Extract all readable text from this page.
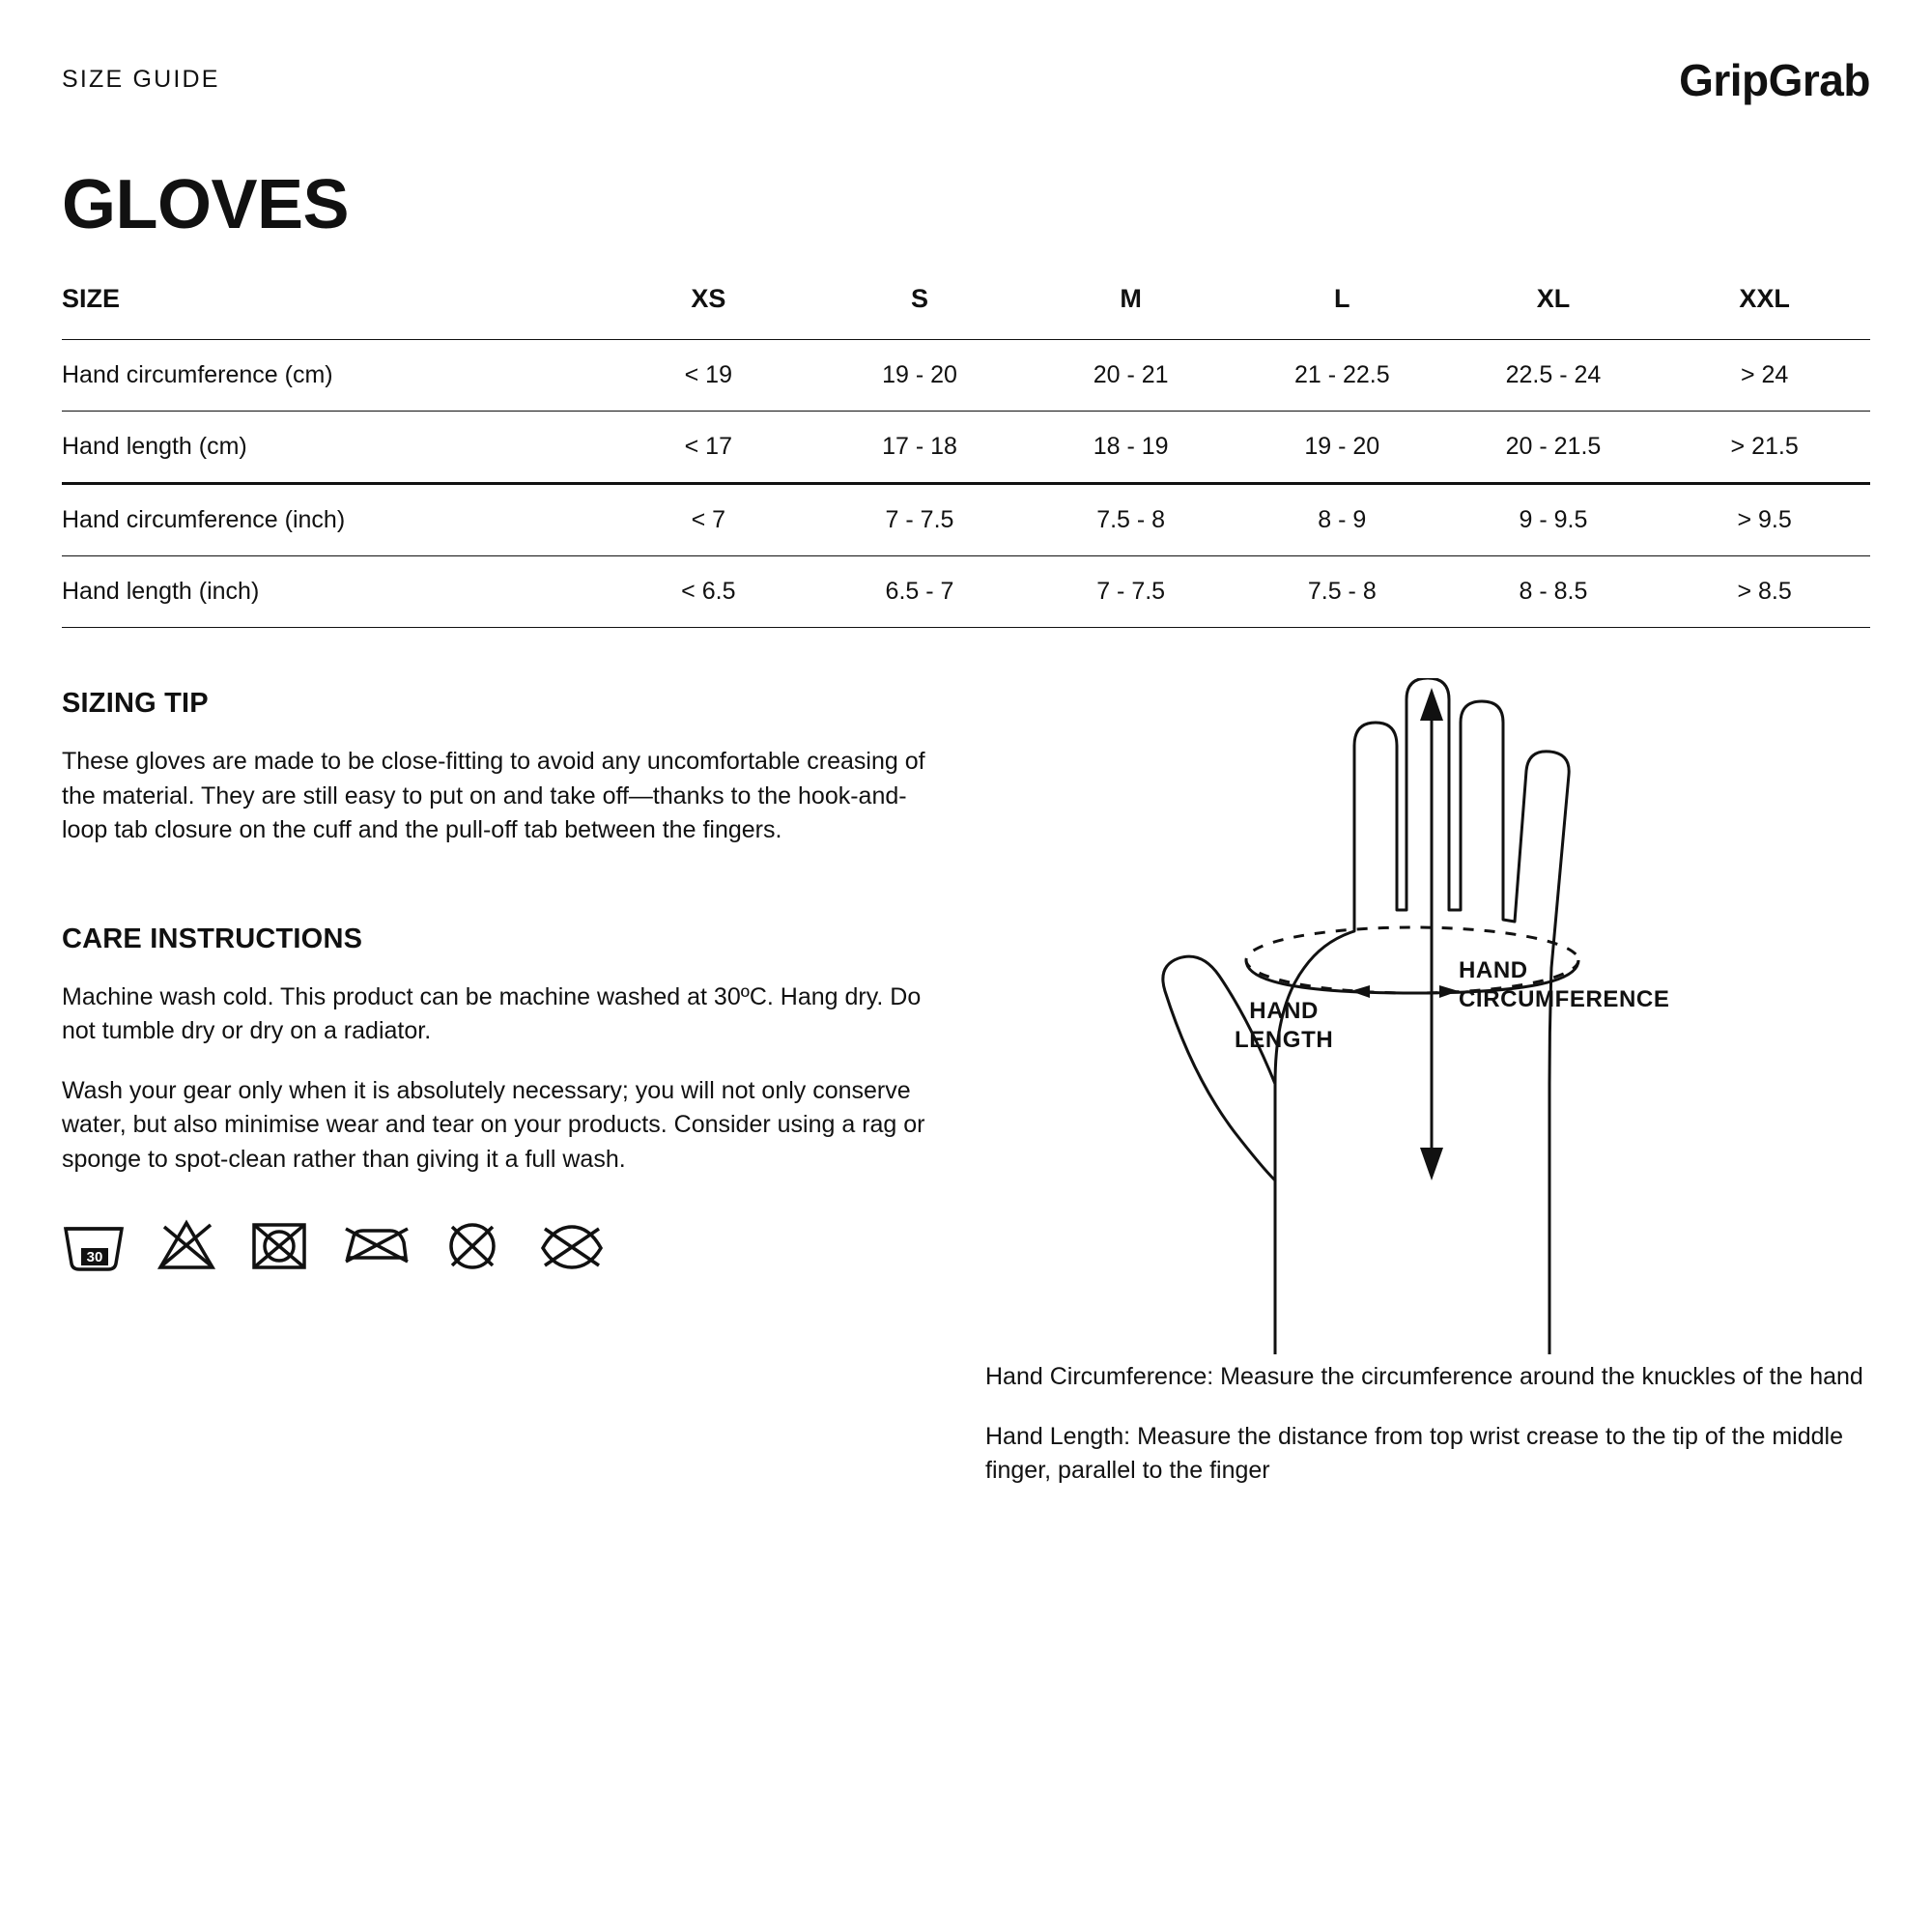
SIZE GUIDE	GripGrab
GLOVES
SIZE	XS	S	M	L	XL	XXL
Hand circumference (cm)	< 19	19 - 20	20 - 21	21 - 22.5	22.5 - 24	> 24
Hand length (cm)	< 17	17 - 18	18 - 19	19 - 20	20 - 21.5	> 21.5
Hand circumference (inch)	< 7	7 - 7.5	7.5 - 8	8 - 9	9 - 9.5	> 9.5
Hand length (inch)	< 6.5	6.5 - 7	7 - 7.5	7.5 - 8	8 - 8.5	> 8.5
SIZING TIP

These gloves are made to be close-fitting to avoid any uncomfortable creasing of the material. They are still easy to put on and take off—thanks to the hook-and-loop tab closure on the cuff and the pull-off tab between the fingers.

CARE INSTRUCTIONS

Machine wash cold. This product can be machine washed at 30ºC. Hang dry. Do not tumble dry or dry on a radiator.

Wash your gear only when it is absolutely necessary; you will not only conserve water, but also minimise wear and tear on your products. Consider using a rag or sponge to spot-clean rather than giving it a full wash.

30
HAND
LENGTH
HAND
CIRCUMFERENCE

Hand Circumference: Measure the circumference around the knuckles of the hand

Hand Length: Measure the distance from top wrist crease to the tip of the middle finger, parallel to the finger
